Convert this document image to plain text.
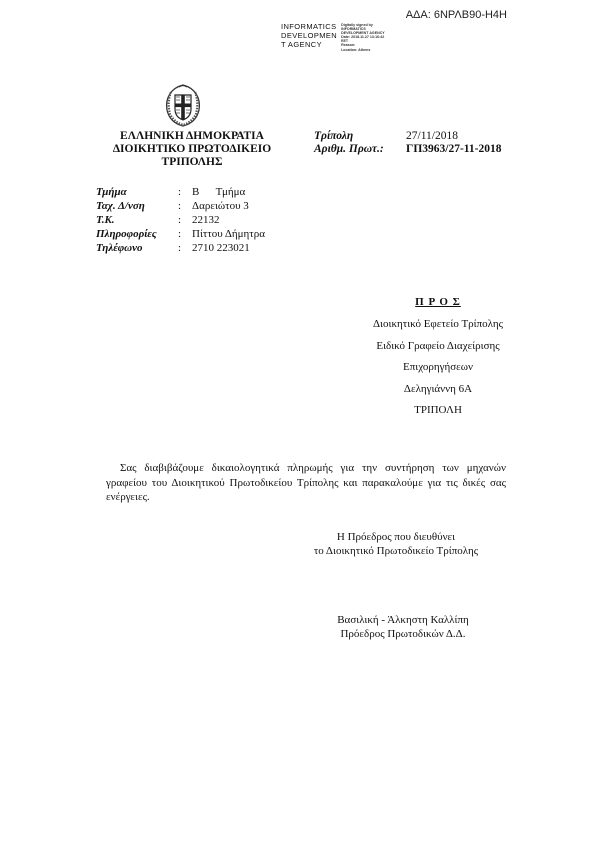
ΑΔΑ: 6ΝΡΛΒ90-Η4Η
INFORMATICS
DEVELOPMEN
T AGENCY
Digitally signed by
INFORMATICS
DEVELOPMENT AGENCY
Date: 2018.11.27 13:16:42
EET
Reason:
Location: Athens
ΕΛΛΗΝΙΚΗ ΔΗΜΟΚΡΑΤΙΑ
ΔΙΟΙΚΗΤΙΚΟ ΠΡΩΤΟΔΙΚΕΙΟ
ΤΡΙΠΟΛΗΣ
Τρίπολη	27/11/2018
Αριθμ. Πρωτ.:	ΓΠ3963/27-11-2018
Τμήμα	: Β      Τμήμα
Ταχ. Δ/νση	: Δαρειώτου 3
Τ.Κ.	: 22132
Πληροφορίες	: Πίττου Δήμητρα
Τηλέφωνο	: 2710 223021
Π Ρ Ο Σ
Διοικητικό Εφετείο Τρίπολης
Ειδικό Γραφείο Διαχείρισης
Επιχορηγήσεων
Δεληγιάννη 6Α
ΤΡΙΠΟΛΗ

Σας διαβιβάζουμε δικαιολογητικά πληρωμής για την συντήρηση των μηχανών γραφείου του Διοικητικού Πρωτοδικείου Τρίπολης και παρακαλούμε για τις δικές σας ενέργειες.

Η Πρόεδρος που διευθύνει
το Διοικητικό Πρωτοδικείο Τρίπολης
Βασιλική - Άλκηστη Καλλίπη
Πρόεδρος Πρωτοδικών Δ.Δ.
